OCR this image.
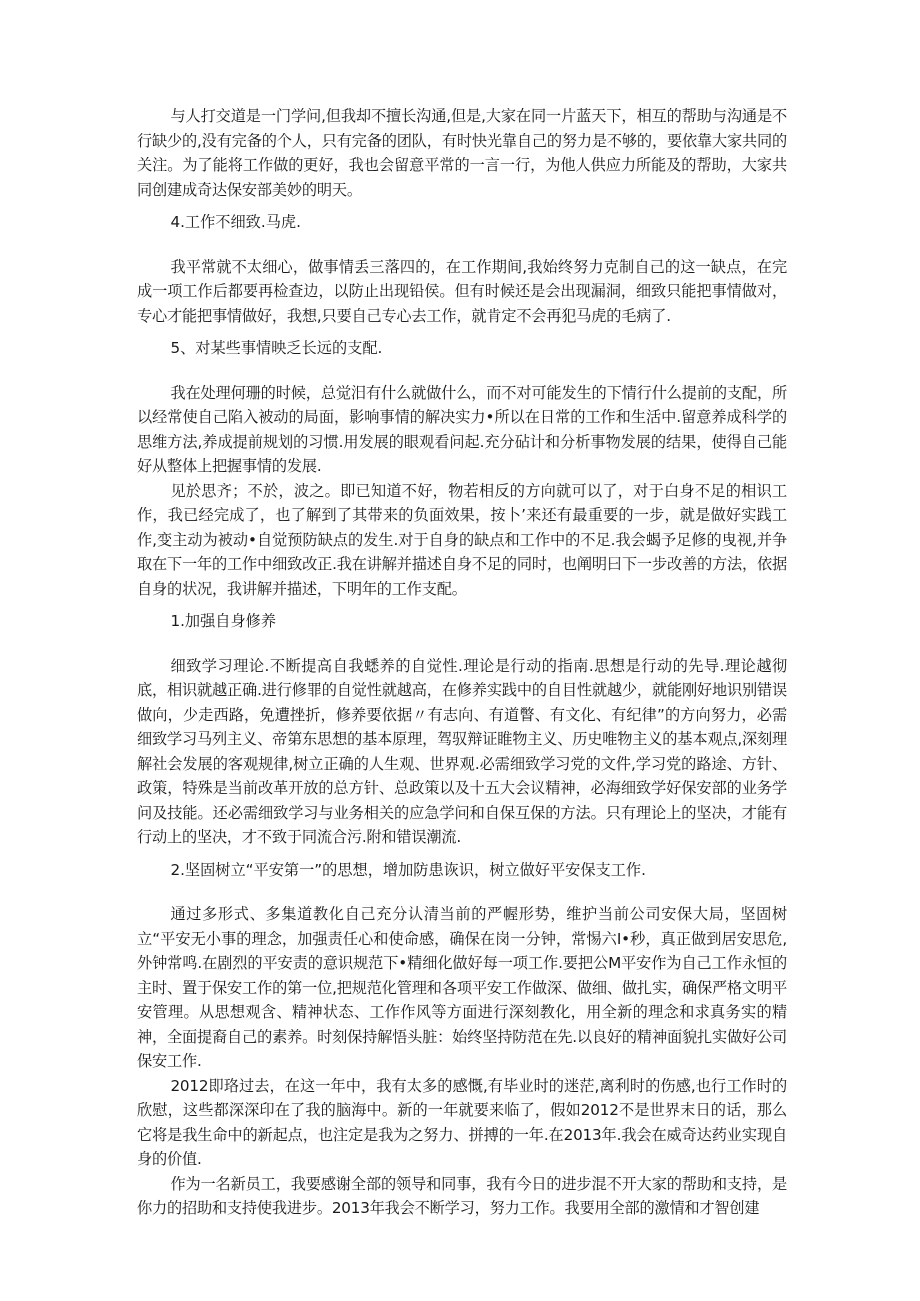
与人打交道是一门学问,但我却不擅长沟通,但是,大家在同一片蓝天下，相互的帮助与沟通是不行缺少的,没有完备的个人，只有完备的团队，有时快光靠自己的努力是不够的，要依靠大家共同的关注。为了能将工作做的更好，我也会留意平常的一言一行，为他人供应力所能及的帮助，大家共同创建成奇达保安部美妙的明天。

4.工作不细致.马虎.

我平常就不太细心，做事情丢三落四的，在工作期间,我始终努力克制自己的这一缺点，在完成一项工作后都要再检查边，以防止出现铅侯。但有时候还是会出现漏洞，细致只能把事情做对，专心才能把事情做好，我想,只要自己专心去工作，就肯定不会再犯马虎的毛病了.

5、对某些事情映乏长远的支配.

我在处理何珊的时候，总觉汨有什么就做什么，而不对可能发生的下情行什么提前的支配，所以经常使自己陷入被动的局面，影响事情的解决实力•所以在日常的工作和生活中.留意养成科学的思维方法,养成提前规划的习惯.用发展的眼观看问起.充分砧计和分析事物发展的结果，使得自己能好从整体上把握事情的发展.

见於思齐；不於，波之。即已知道不好，物若相反的方向就可以了，对于白身不足的相识工作，我已经完成了，也了解到了其带来的负面效果，按卜’来还有最重要的一步，就是做好实践工作,变主动为被动•自觉预防缺点的发生.对于自身的缺点和工作中的不足.我会蝎予足修的曳视,并争取在下一年的工作中细致改正.我在讲解并描述自身不足的同时，也阐明曰下一步改善的方法，依据自身的状况，我讲解并描述，下明年的工作支配。

1.加强自身修养

细致学习理论.不断提高自我蟋养的自觉性.理论是行动的指南.思想是行动的先导.理论越彻底，相识就越正确.进行修罪的自觉性就越高，在修养实践中的自目性就越少，就能刚好地识别错误做向，少走西路，免遭挫折，修养要依据〃有志向、有道瞥、有文化、有纪律”的方向努力，必需细致学习马列主义、帝第东思想的基本原理，驾驭辩证睢物主义、历史唯物主义的基本观点,深刻理解社会发展的客观规律,树立正确的人生观、世界观.必需细致学习党的文件,学习党的路途、方针、政策，特殊是当前改革开放的总方针、总政策以及十五大会议精神，必海细致学好保安部的业务学问及技能。还必需细致学习与业务相关的应急学问和自保互保的方法。只有理论上的坚决，才能有行动上的坚决，才不致于同流合污.附和错误潮流.

2.坚固树立“平安第一”的思想，增加防患诙识，树立做好平安保支工作.

通过多形式、多集道教化自己充分认清当前的严幄形势，维护当前公司安保大局，坚固树立“平安无小事的理念，加强责任心和使命感，确保在岗一分钟，常惕六I•秒，真正做到居安思危,外钟常鸣.在剧烈的平安责的意识规范下•精细化做好每一项工作.要把公M平安作为自己工作永恒的主时、置于保安工作的第一位,把规范化管理和各项平安工作做深、做细、做扎实，确保严格文明平安管理。从思想观含、精神状态、工作作风等方面进行深刻教化，用全新的理念和求真务实的精神，全面提裔自己的素养。时刻保持解悟头脏：始终坚持防范在先.以良好的精神面貌扎实做好公司保安工作.

2012即珞过去，在这一年中，我有太多的感慨,有毕业时的迷茫,离利时的伤感,也行工作时的欣慰，这些都深深印在了我的脑海中。新的一年就要来临了，假如2012不是世界末日的话，那么它将是我生命中的新起点，也注定是我为之努力、拼搏的一年.在2013年.我会在威奇达药业实现自身的价值.

作为一名新员工，我要感谢全部的领导和同事，我有今日的进步混不开大家的帮助和支持，是你力的招助和支持使我进步。2013年我会不断学习，努力工作。我要用全部的激情和才智创建
